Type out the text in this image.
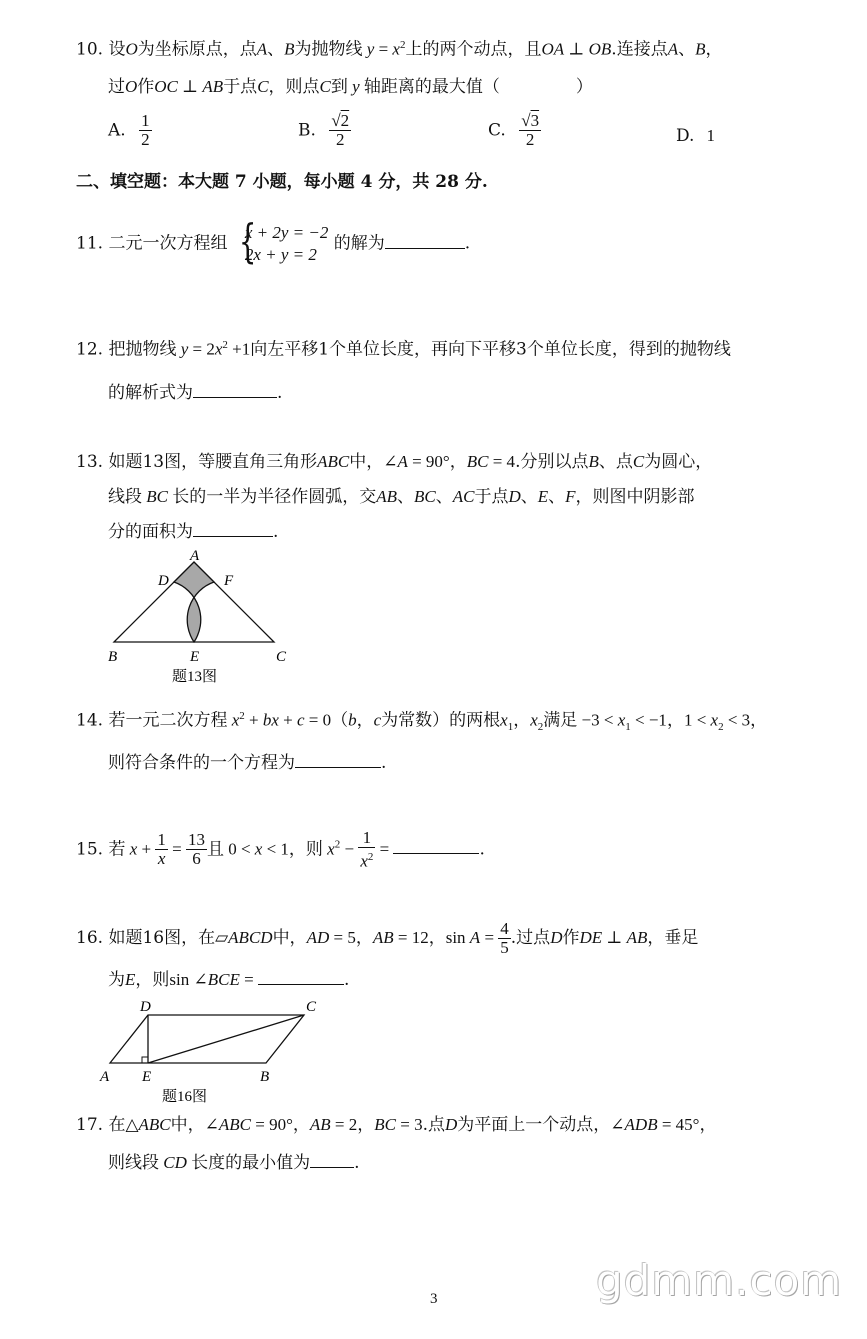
10. 设O为坐标原点，点A、B为抛物线 $y = x^2$上的两个动点，且OA ⊥ OB.连接点A、B，
过O作OC ⊥ AB于点C，则点C到 y 轴距离的最大值（	）
A. $\frac{1}{2}$	B. $\frac{√2}{2}$	C. $\frac{√3}{2}$	D. 1
二、填空题：本大题 7 小题，每小题 4 分，共 28 分.
11. 二元一次方程组 {
x + 2y = −2
2x + y = 2
的解为	.
12. 把抛物线 $y = 2x^2 +1$向左平移1个单位长度，再向下平移3个单位长度，得到的抛物线
的解析式为	.
13. 如题13图，等腰直角三角形ABC中，∠A = 90°，BC = 4.分别以点B、点C为圆心，
线段 BC 长的一半为半径作圆弧，交AB、BC、AC于点D、E、F，则图中阴影部
分的面积为	.
A
D	F
B	E	C
题13图
14. 若一元二次方程 $x^2$ + bx + c = 0（b，c为常数）的两根$x_1$，$x_2$满足 $-3 < x_1 < -1$，$1 < x_2 < 3$，
则符合条件的一个方程为	.
15. 若 $x + \frac{1}{x} = \frac{13}{6}$ 且 0 < x < 1，则 $x^2 - \frac{1}{x^2}$ =	.
16. 如题16图，在▱ABCD中，AD = 5，AB = 12，$\sin A = \frac{4}{5}$ .过点D作DE ⊥ AB，垂足
为E，则sin ∠BCE =	.
D	C
A E	B
题16图
17. 在△ABC中，∠ABC = 90°，AB = 2，BC = 3.点D为平面上一个动点，∠ADB = 45°，
则线段 CD 长度的最小值为	.
3	gdmm.com
